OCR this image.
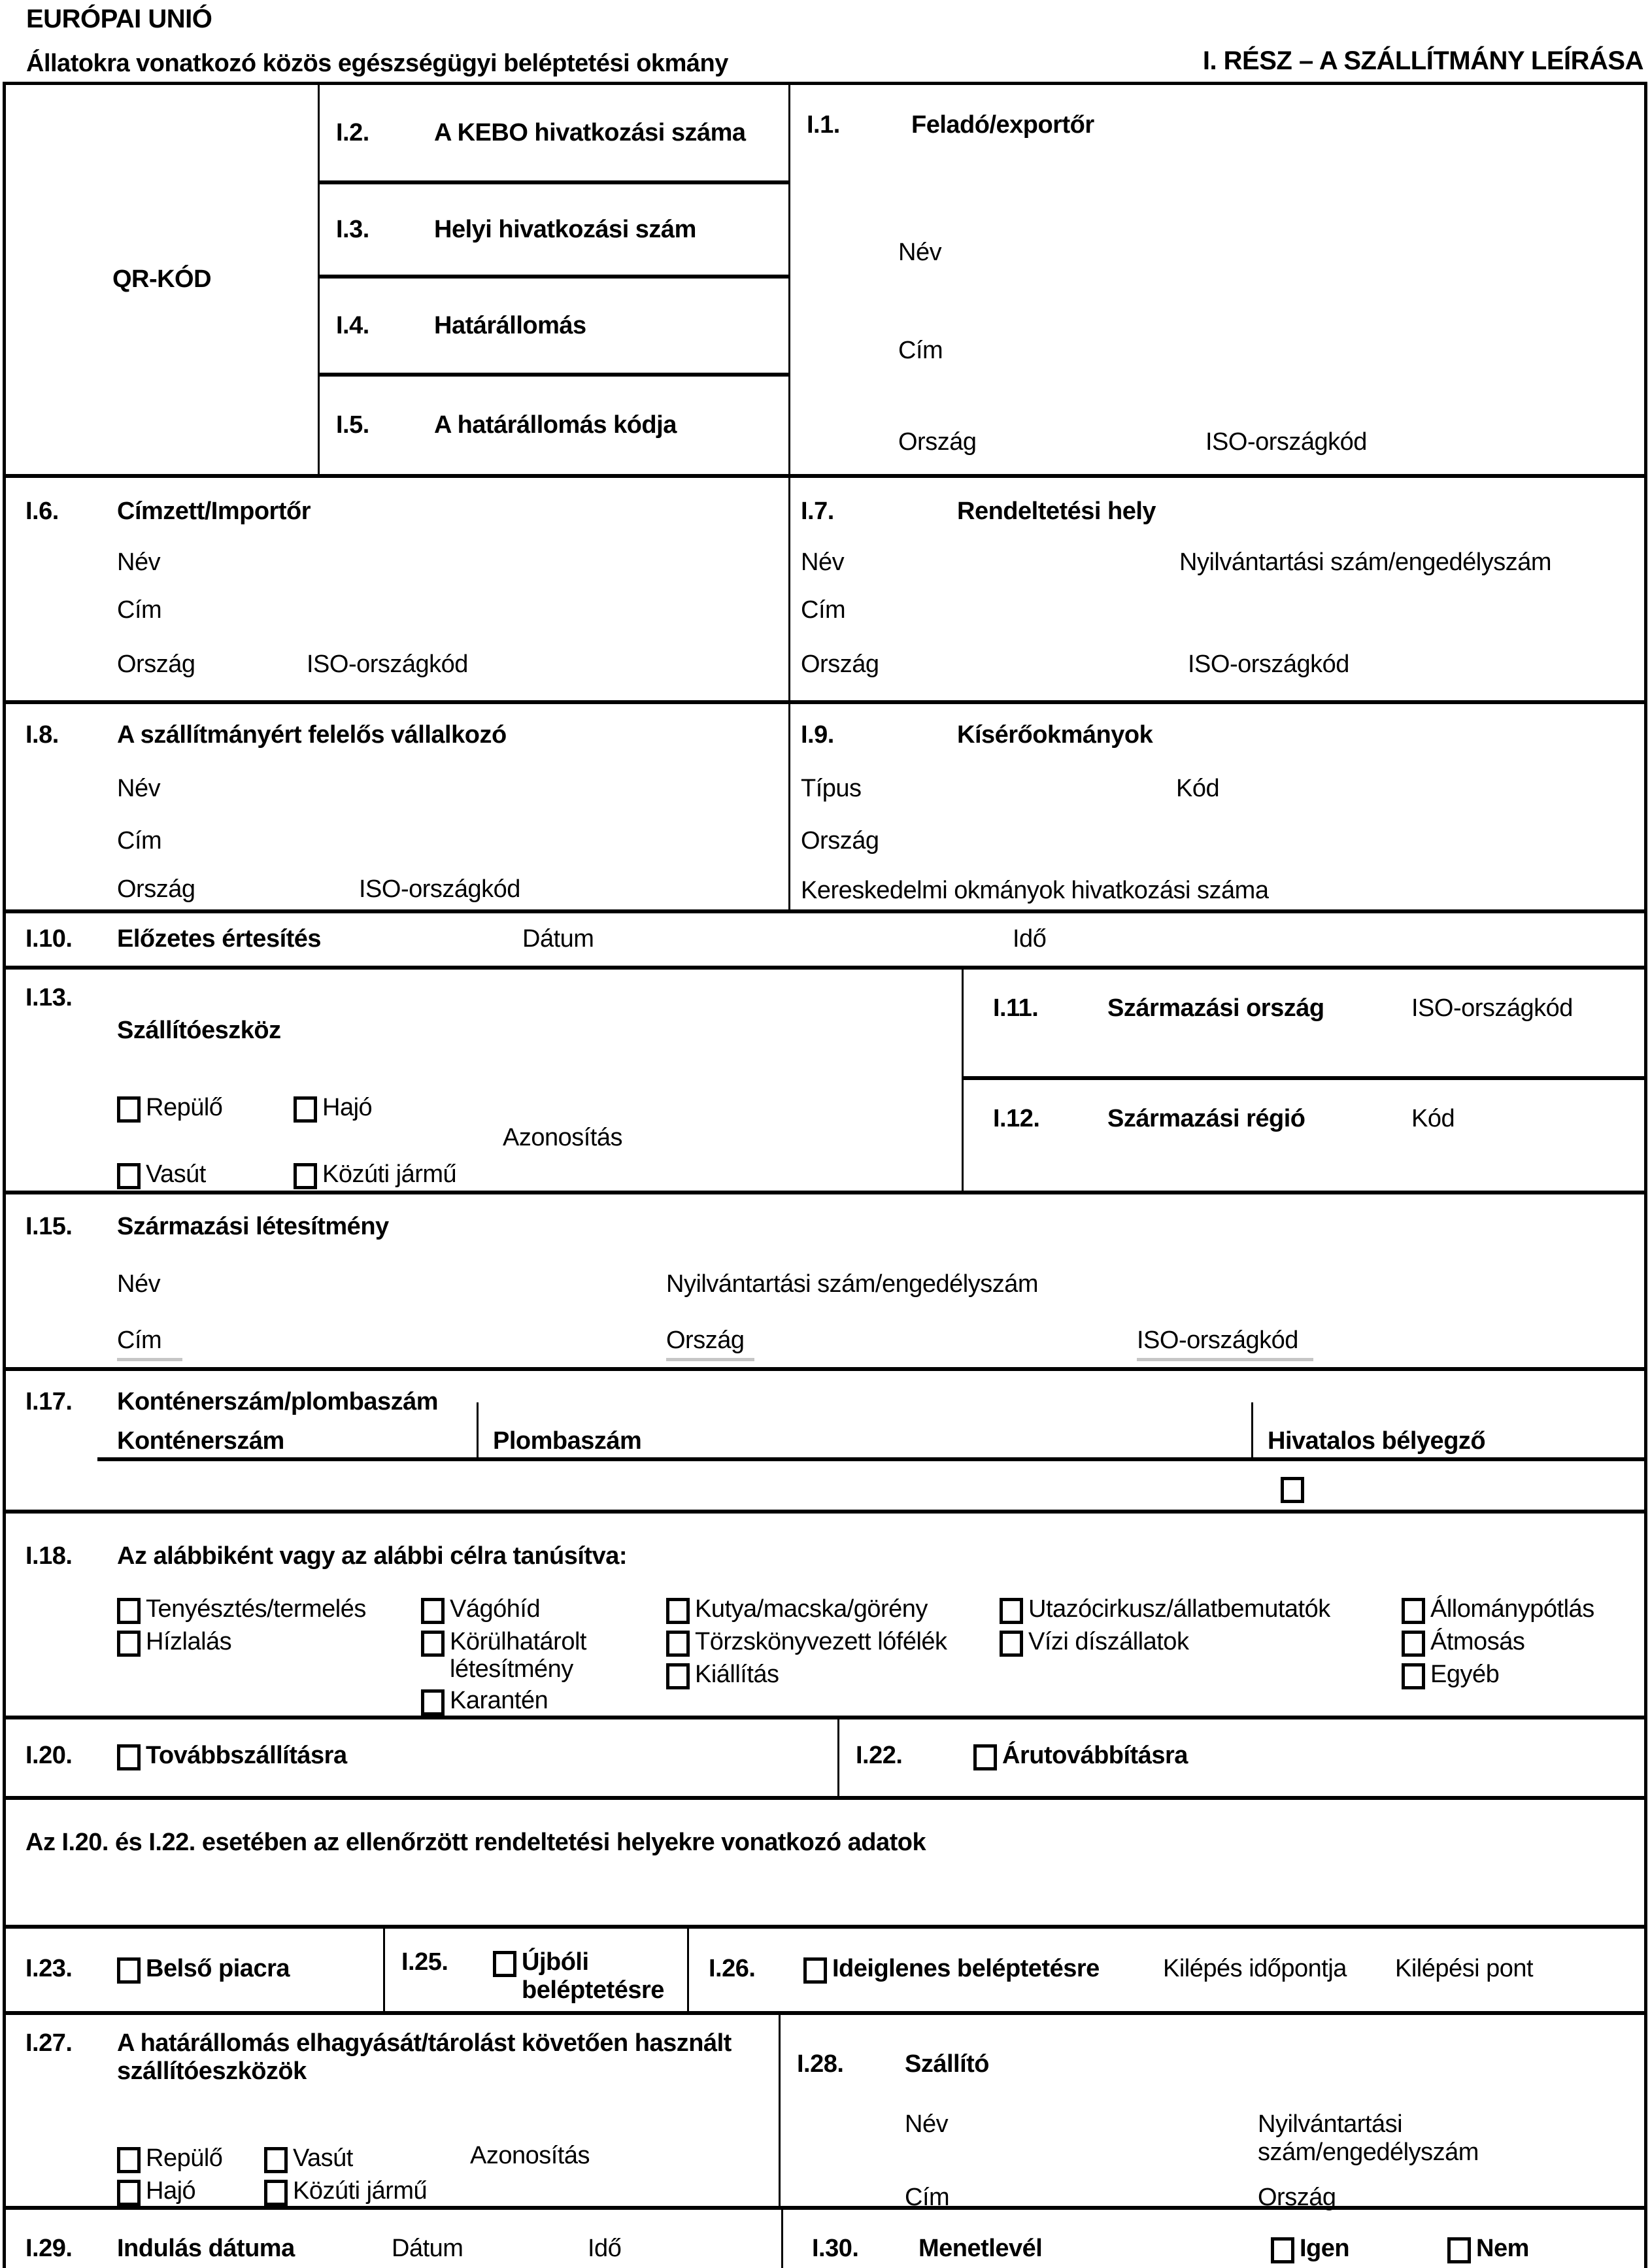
EURÓPAI UNIÓ
Állatokra vonatkozó közös egészségügyi beléptetési okmány	I. RÉSZ – A SZÁLLÍTMÁNY LEÍRÁSA
QR-KÓD
I.2.	A KEBO hivatkozási száma
I.3.	Helyi hivatkozási szám
I.4.	Határállomás
I.5.	A határállomás kódja
I.1.	Feladó/exportőr
Név
Cím
Ország	ISO-országkód
I.6. Címzett/Importőr
Név
Cím
Ország	ISO-országkód
I.7.	Rendeltetési hely
Név	Nyilvántartási szám/engedélyszám
Cím
Ország	ISO-országkód
I.8. A szállítmányért felelős vállalkozó
Név
Cím
Ország	ISO-országkód
I.9.	Kísérőokmányok
Típus	Kód
Ország
Kereskedelmi okmányok hivatkozási száma
I.10. Előzetes értesítés	Dátum	Idő
I.13.
Szállítóeszköz
Repülő	Hajó
Azonosítás
Vasút	Közúti jármű
I.11.	Származási ország	ISO-országkód
I.12.	Származási régió	Kód
I.15. Származási létesítmény
Név	Nyilvántartási szám/engedélyszám
Cím	Ország	ISO-országkód
I.17. Konténerszám/plombaszám
Konténerszám	Plombaszám	Hivatalos bélyegző
I.18. Az alábbiként vagy az alábbi célra tanúsítva:
Tenyésztés/termelés
Hízlalás
Vágóhíd
Körülhatárolt létesítmény
Karantén
Kutya/macska/görény
Törzskönyvezett lófélék
Kiállítás
Utazócirkusz/állatbemutatók
Vízi díszállatok
Állománypótlás
Átmosás
Egyéb
I.20.	Továbbszállításra	I.22.	Árutovábbításra
Az I.20. és I.22. esetében az ellenőrzött rendeltetési helyekre vonatkozó adatok
I.23.	Belső piacra	I.25.	Újbóli beléptetésre
I.26.	Ideiglenes beléptetésre	Kilépés időpontja Kilépési pont
I.27. A határállomás elhagyását/tárolást követően használt szállítóeszközök
Repülő	Vasút	Azonosítás
Hajó	Közúti jármű
I.28. Szállító
Név	Nyilvántartási szám/engedélyszám
Cím	Ország
I.29. Indulás dátuma	Dátum	Idő	I.30. Menetlevél	Igen	Nem
